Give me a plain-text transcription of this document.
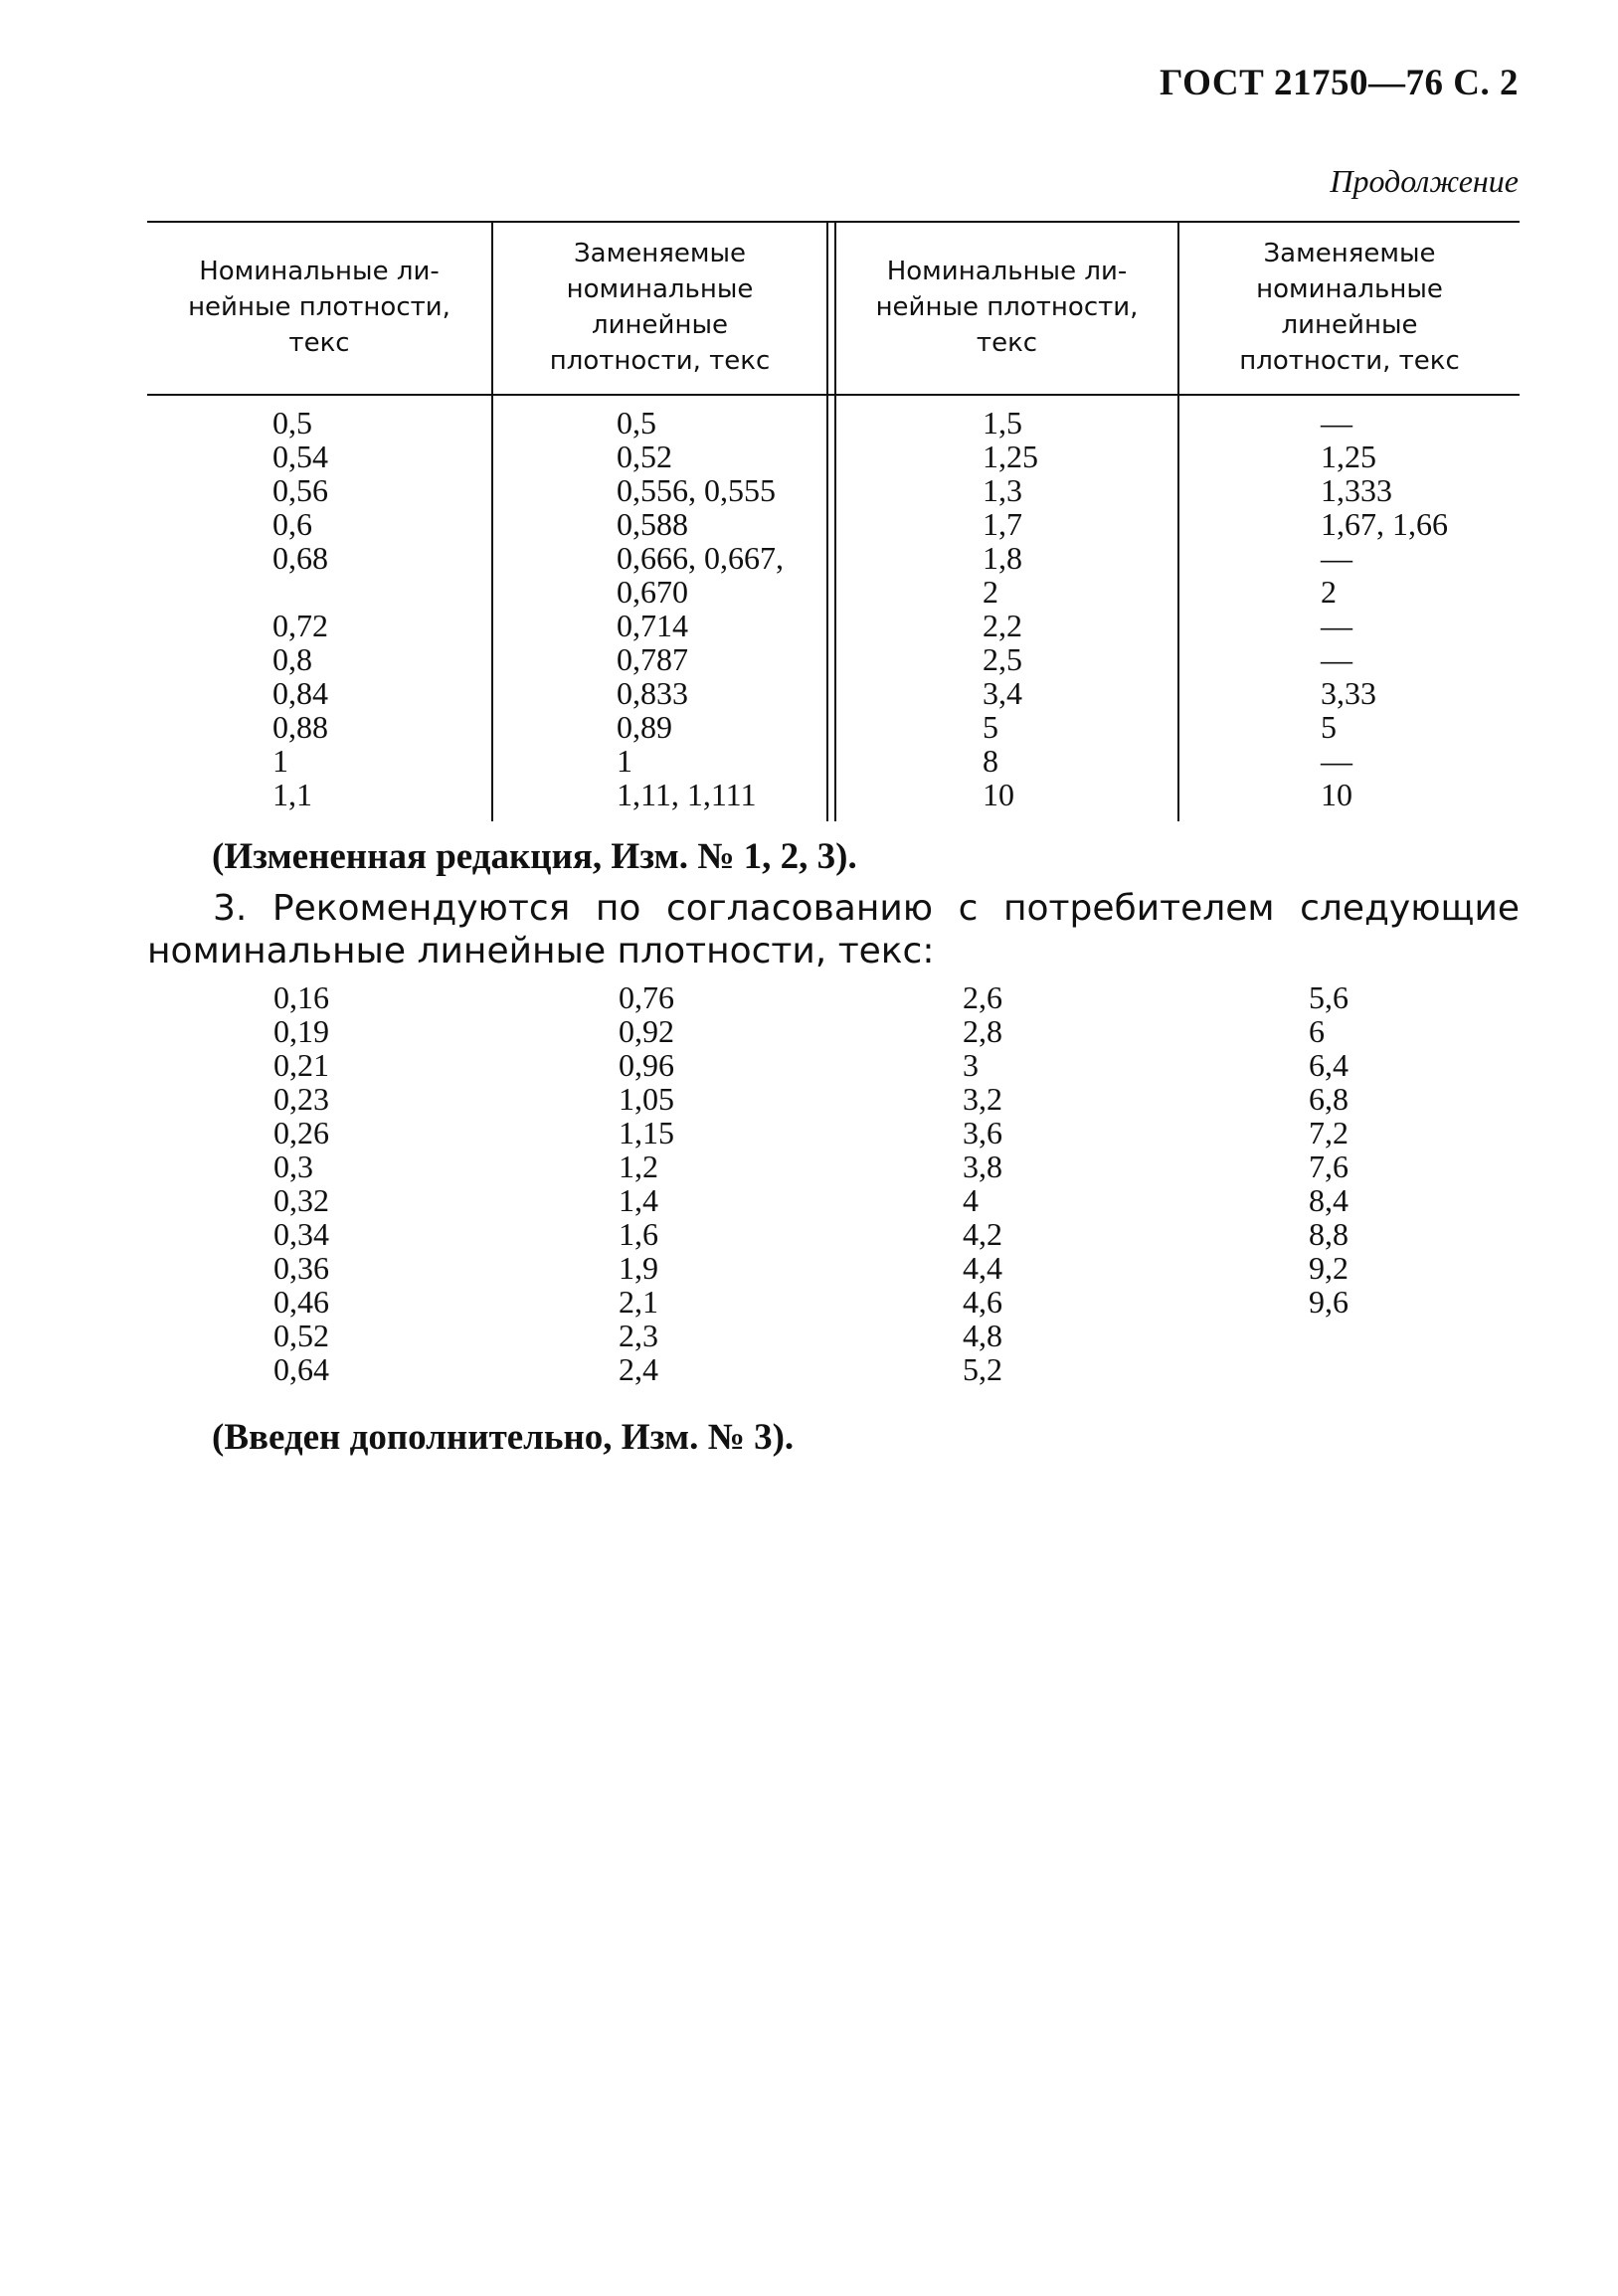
ГОСТ 21750—76 С. 2
Продолжение
Номинальные ли-
нейные плотности,
текс
Заменяемые
номинальные
линейные
плотности, текс
Номинальные ли-
нейные плотности,
текс
Заменяемые
номинальные
линейные
плотности, текс
0,5
0,54
0,56
0,6
0,68
0,72
0,8
0,84
0,88
1
1,1
0,5
0,52
0,556, 0,555
0,588
0,666, 0,667,
0,670
0,714
0,787
0,833
0,89
1
1,11, 1,111
1,5
1,25
1,3
1,7
1,8
2
2,2
2,5
3,4
5
8
10
—
1,25
1,333
1,67, 1,66
—
2
—
—
3,33
5
—
10
(Измененная редакция, Изм. № 1, 2, 3).
3. Рекомендуются по согласованию с потребителем следующие
номинальные линейные плотности, текс:
0,16
0,19
0,21
0,23
0,26
0,3
0,32
0,34
0,36
0,46
0,52
0,64
0,76
0,92
0,96
1,05
1,15
1,2
1,4
1,6
1,9
2,1
2,3
2,4
2,6
2,8
3
3,2
3,6
3,8
4
4,2
4,4
4,6
4,8
5,2
5,6
6
6,4
6,8
7,2
7,6
8,4
8,8
9,2
9,6
(Введен дополнительно, Изм. № 3).
